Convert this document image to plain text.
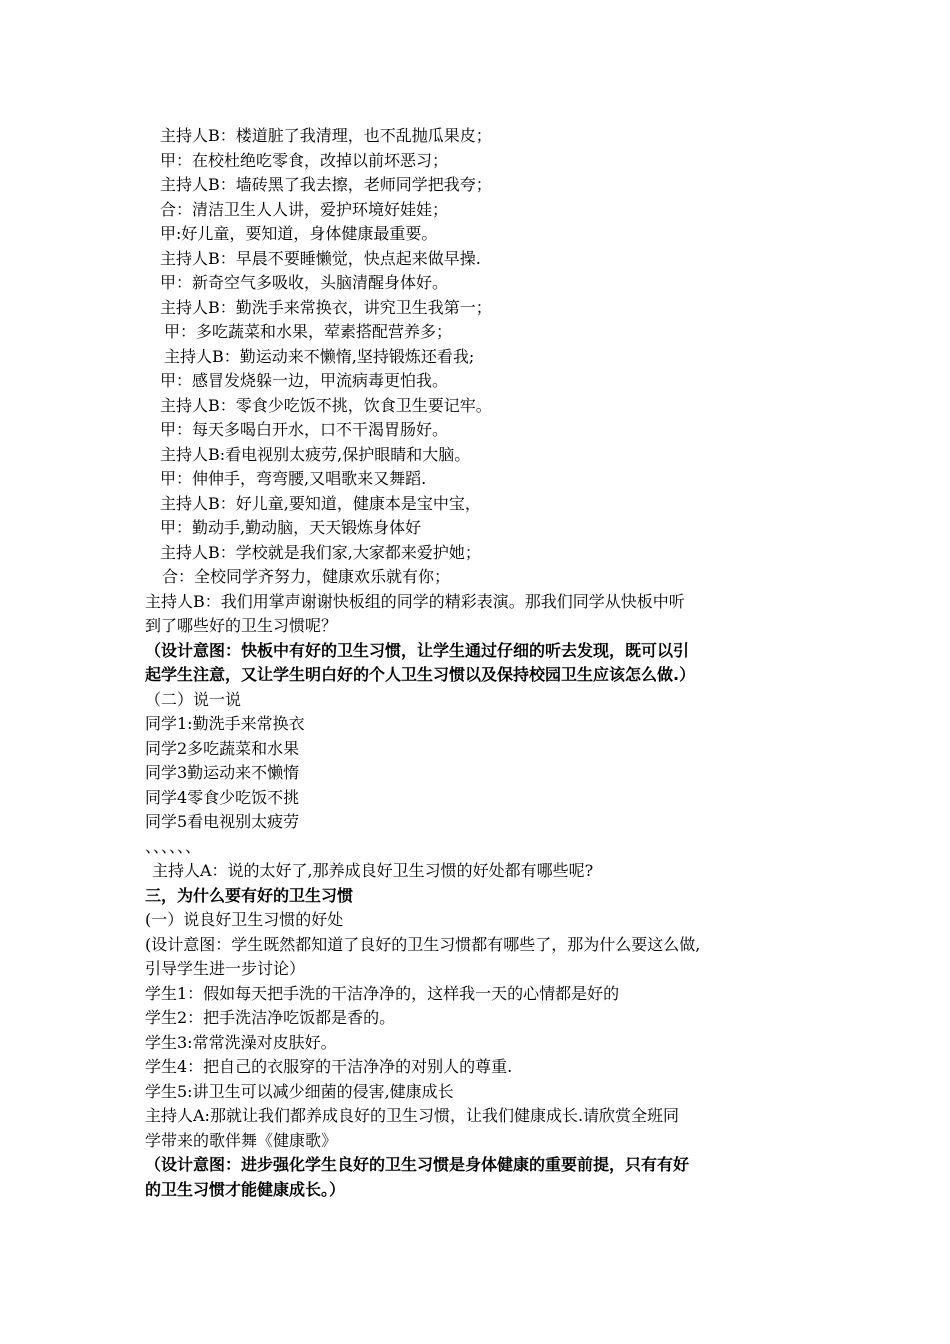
主持人B：楼道脏了我清理，也不乱抛瓜果皮；
甲：在校杜绝吃零食，改掉以前坏恶习；
主持人B：墙砖黑了我去擦，老师同学把我夸；
合：清洁卫生人人讲，爱护环境好娃娃；
甲:好儿童，要知道，身体健康最重要。
主持人B：早晨不要睡懒觉，快点起来做早操.
甲：新奇空气多吸收，头脑清醒身体好。
主持人B：勤洗手来常换衣，讲究卫生我第一；
甲：多吃蔬菜和水果，荤素搭配营养多；
主持人B：勤运动来不懒惰,坚持锻炼还看我;
甲：感冒发烧躲一边，甲流病毒更怕我。
主持人B：零食少吃饭不挑，饮食卫生要记牢。
甲：每天多喝白开水，口不干渴胃肠好。
主持人B:看电视别太疲劳,保护眼睛和大脑。
甲：伸伸手，弯弯腰,又唱歌来又舞蹈.
主持人B：好儿童,要知道，健康本是宝中宝，
甲：勤动手,勤动脑，天天锻炼身体好
主持人B：学校就是我们家,大家都来爱护她；
合：全校同学齐努力，健康欢乐就有你；
主持人B：我们用掌声谢谢快板组的同学的精彩表演。那我们同学从快板中听
到了哪些好的卫生习惯呢？
（设计意图：快板中有好的卫生习惯，让学生通过仔细的听去发现，既可以引
起学生注意，又让学生明白好的个人卫生习惯以及保持校园卫生应该怎么做.）
（二）说一说
同学1:勤洗手来常换衣
同学2多吃蔬菜和水果
同学3勤运动来不懒惰
同学4零食少吃饭不挑
同学5看电视别太疲劳
、、、、、、
主持人A：说的太好了,那养成良好卫生习惯的好处都有哪些呢?
三，为什么要有好的卫生习惯
(一）说良好卫生习惯的好处
(设计意图：学生既然都知道了良好的卫生习惯都有哪些了，那为什么要这么做,
引导学生进一步讨论）
学生1：假如每天把手洗的干洁净净的，这样我一天的心情都是好的
学生2：把手洗洁净吃饭都是香的。
学生3:常常洗澡对皮肤好。
学生4：把自己的衣服穿的干洁净净的对别人的尊重.
学生5:讲卫生可以减少细菌的侵害,健康成长
主持人A:那就让我们都养成良好的卫生习惯，让我们健康成长.请欣赏全班同
学带来的歌伴舞《健康歌》
（设计意图：进步强化学生良好的卫生习惯是身体健康的重要前提，只有有好
的卫生习惯才能健康成长。）
